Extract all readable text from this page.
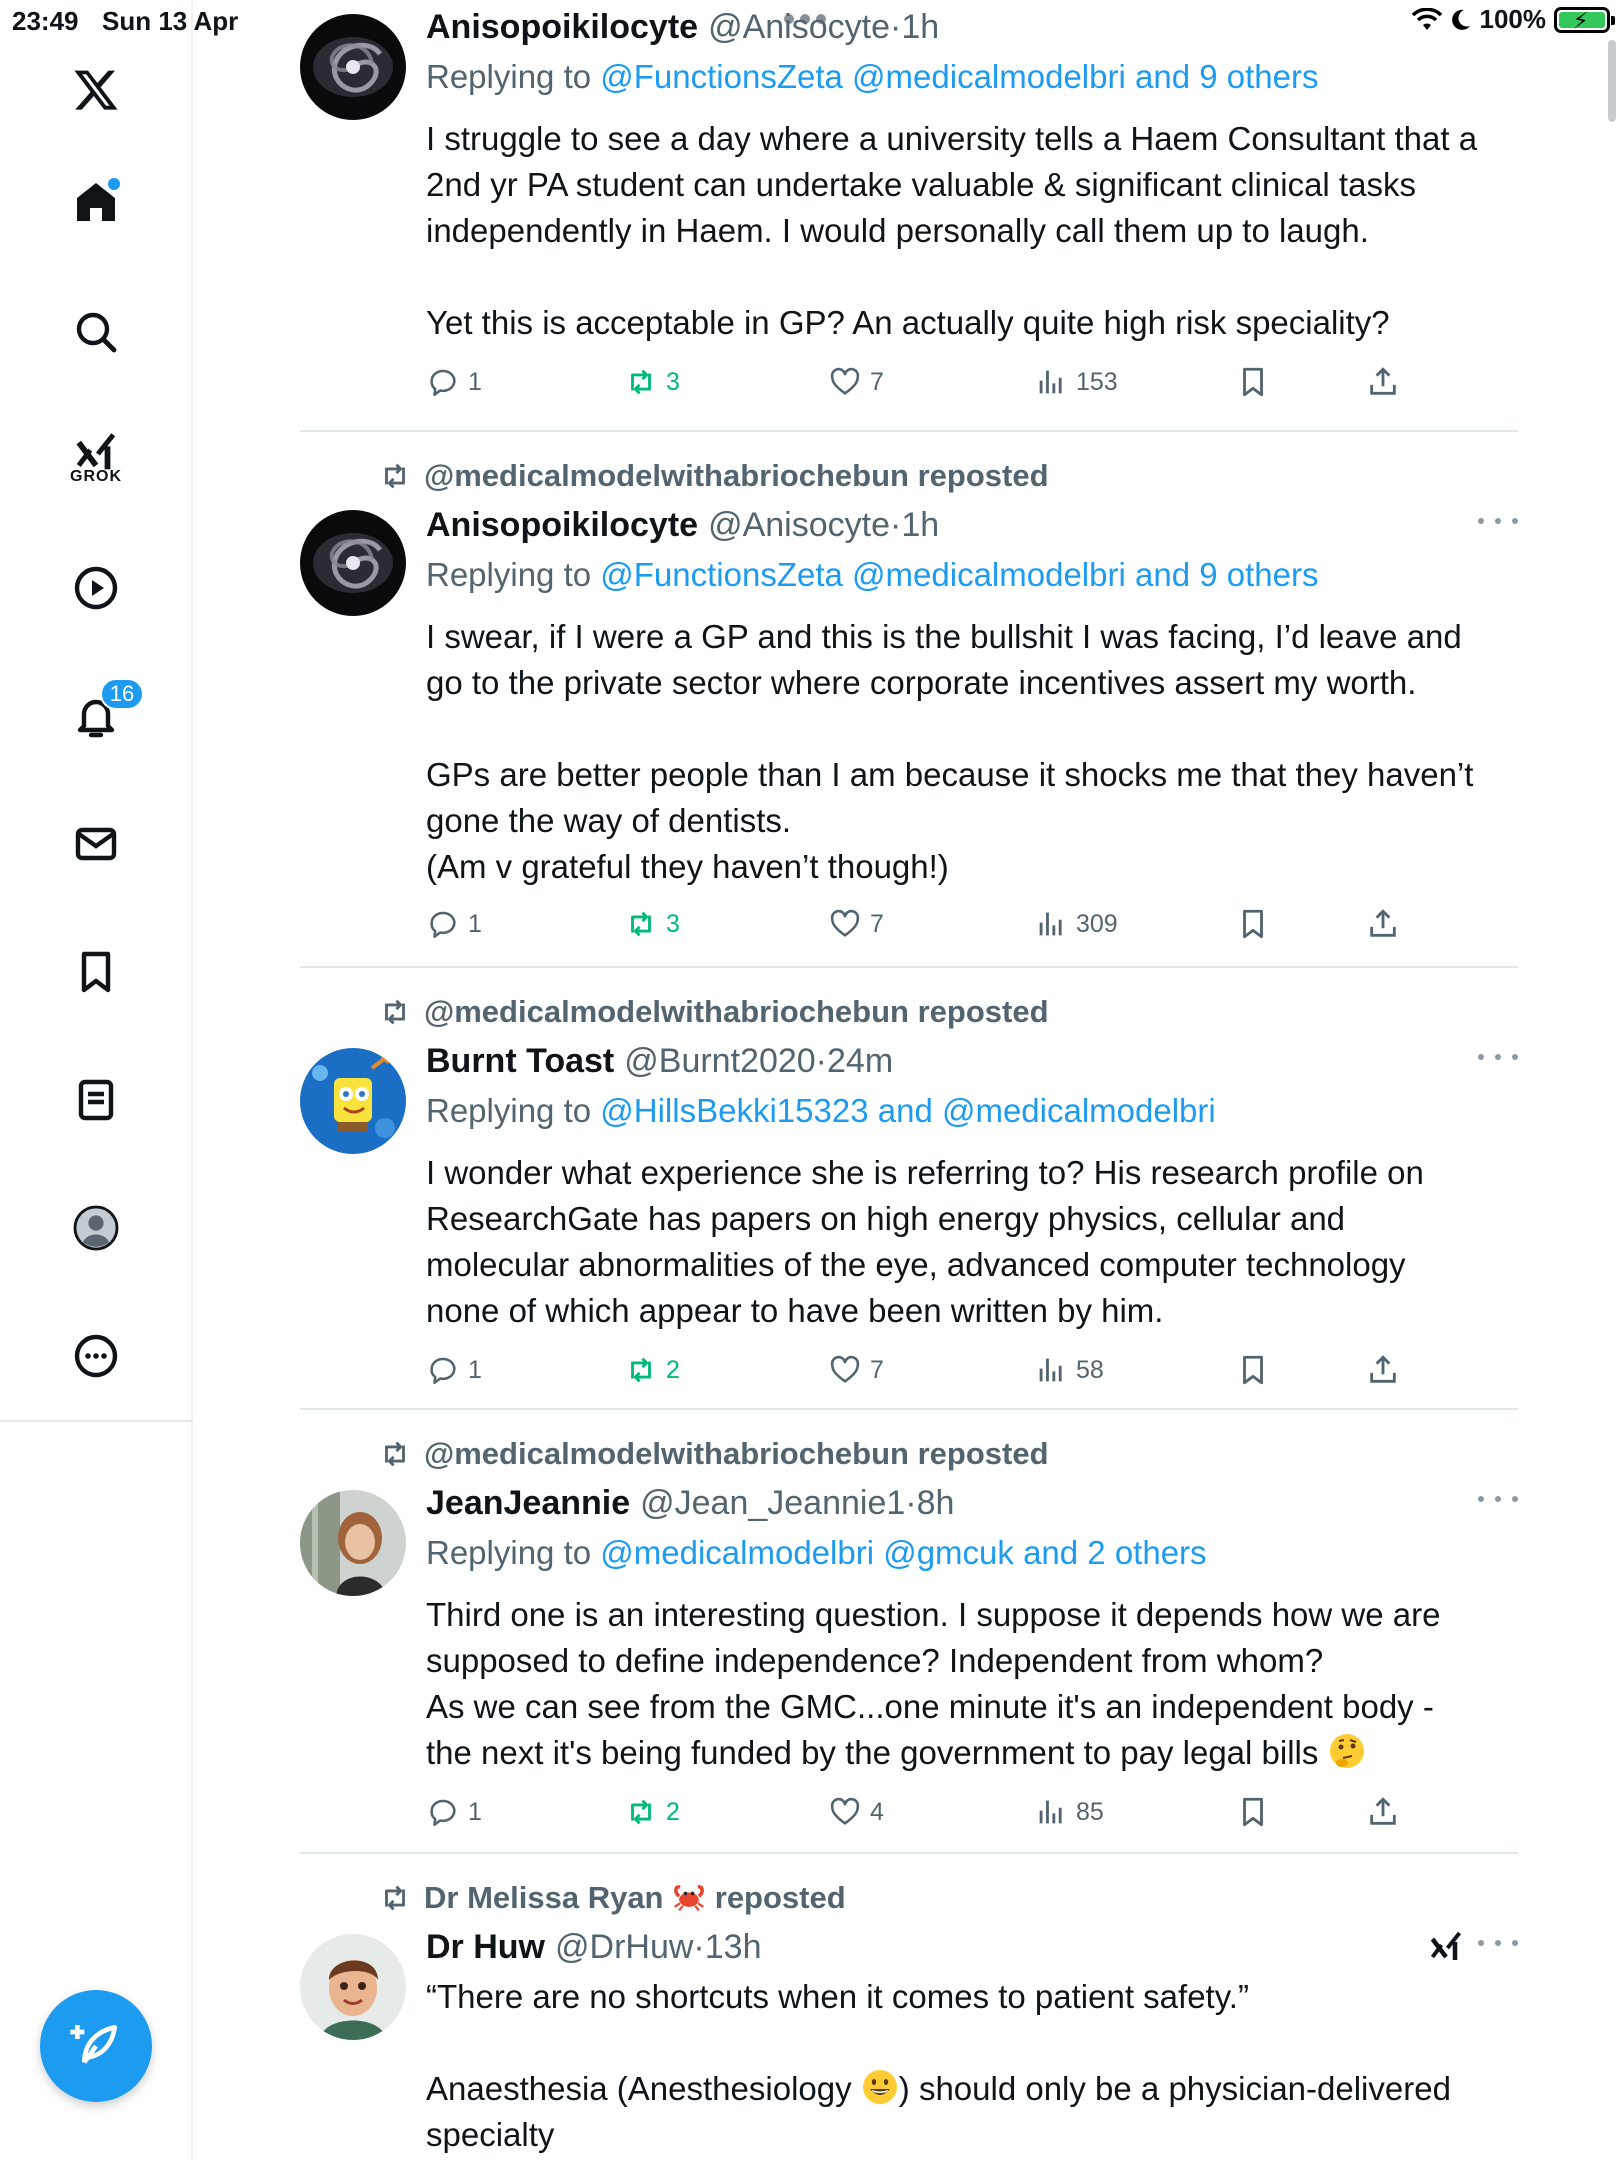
23:49 Sun 13 Apr	100% ⚡
GROK
16
Anisopoikilocyte @Anisocyte · 1h
Replying to @FunctionsZeta @medicalmodelbri and 9 others

I struggle to see a day where a university tells a Haem Consultant that a

2nd yr PA student can undertake valuable & significant clinical tasks

independently in Haem. I would personally call them up to laugh.

Yet this is acceptable in GP? An actually quite high risk speciality?

1	3	7	153
@medicalmodelwithabriochebun reposted
Anisopoikilocyte @Anisocyte · 1h
Replying to @FunctionsZeta @medicalmodelbri and 9 others

I swear, if I were a GP and this is the bullshit I was facing, I’d leave and

go to the private sector where corporate incentives assert my worth.

GPs are better people than I am because it shocks me that they haven’t

gone the way of dentists.

(Am v grateful they haven’t though!)

1	3	7	309
@medicalmodelwithabriochebun reposted
Burnt Toast @Burnt2020 · 24m
Replying to @HillsBekki15323 and @medicalmodelbri

I wonder what experience she is referring to? His research profile on

ResearchGate has papers on high energy physics, cellular and

molecular abnormalities of the eye, advanced computer technology

none of which appear to have been written by him.

1	2	7	58
@medicalmodelwithabriochebun reposted
JeanJeannie @Jean_Jeannie1 · 8h
Replying to @medicalmodelbri @gmcuk and 2 others

Third one is an interesting question. I suppose it depends how we are

supposed to define independence? Independent from whom?

As we can see from the GMC...one minute it's an independent body -

the next it's being funded by the government to pay legal bills

1	2	4	85
Dr Melissa Ryan reposted
Dr Huw @DrHuw · 13h

“There are no shortcuts when it comes to patient safety.”

Anaesthesia (Anesthesiology ) should only be a physician-delivered

specialty
